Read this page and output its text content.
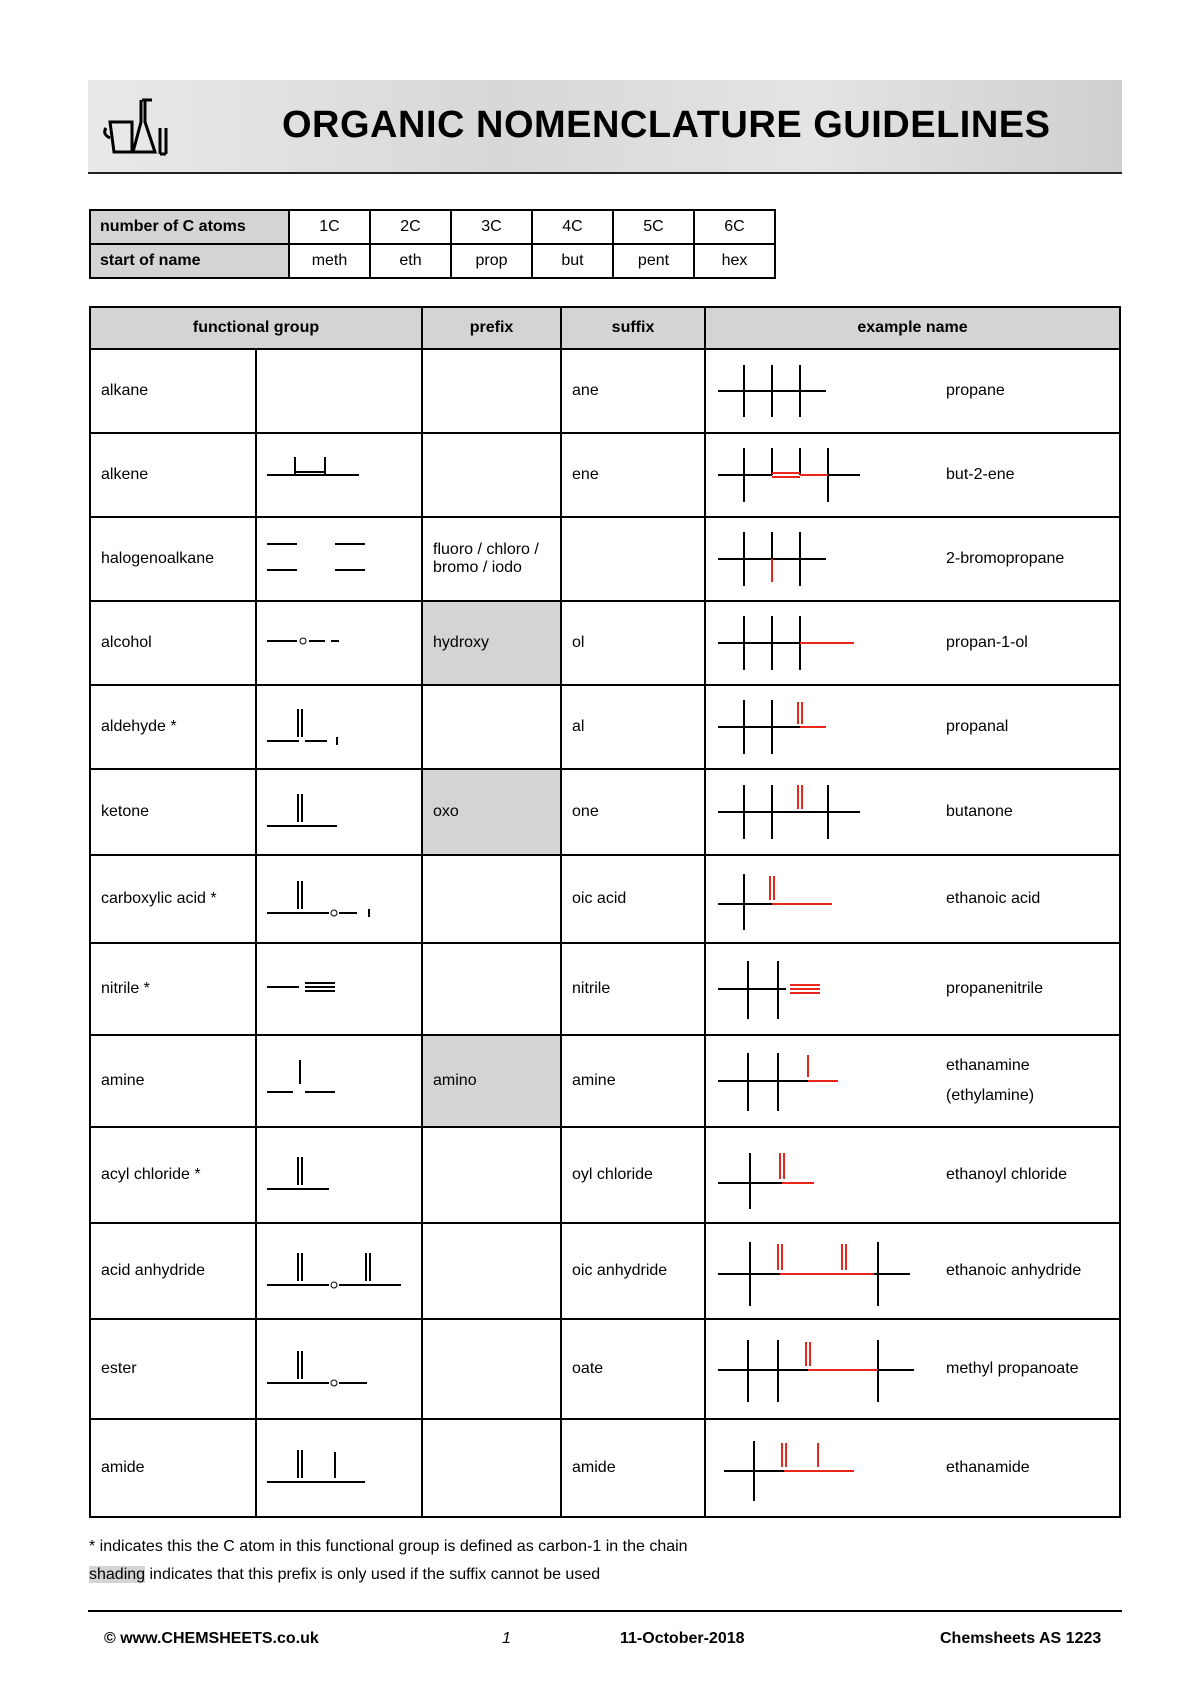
ORGANIC NOMENCLATURE GUIDELINES
number of C atoms	1C	2C	3C	4C	5C	6C
start of name	meth	eth	prop	but	pent	hex
functional group		prefix	suffix	example name
alkane			ane	propane

alkene			ene	but-2-ene

halogenoalkane		fluoro / chloro / bromo / iodo		2-bromopropane

alcohol		hydroxy	ol	propan-1-ol

aldehyde *			al	propanal

ketone		oxo	one	butanone

carboxylic acid *			oic acid	ethanoic acid

nitrile *			nitrile	propanenitrile

amine		amino	amine	ethanamine
(ethylamine)

acyl chloride *			oyl chloride	ethanoyl chloride

acid anhydride			oic anhydride	ethanoic anhydride

ester			oate	methyl propanoate

amide			amide	ethanamide
* indicates this the C atom in this functional group is defined as carbon-1 in the chain
shading indicates that this prefix is only used if the suffix cannot be used
© www.CHEMSHEETS.co.uk	1	11-October-2018	Chemsheets AS 1223
